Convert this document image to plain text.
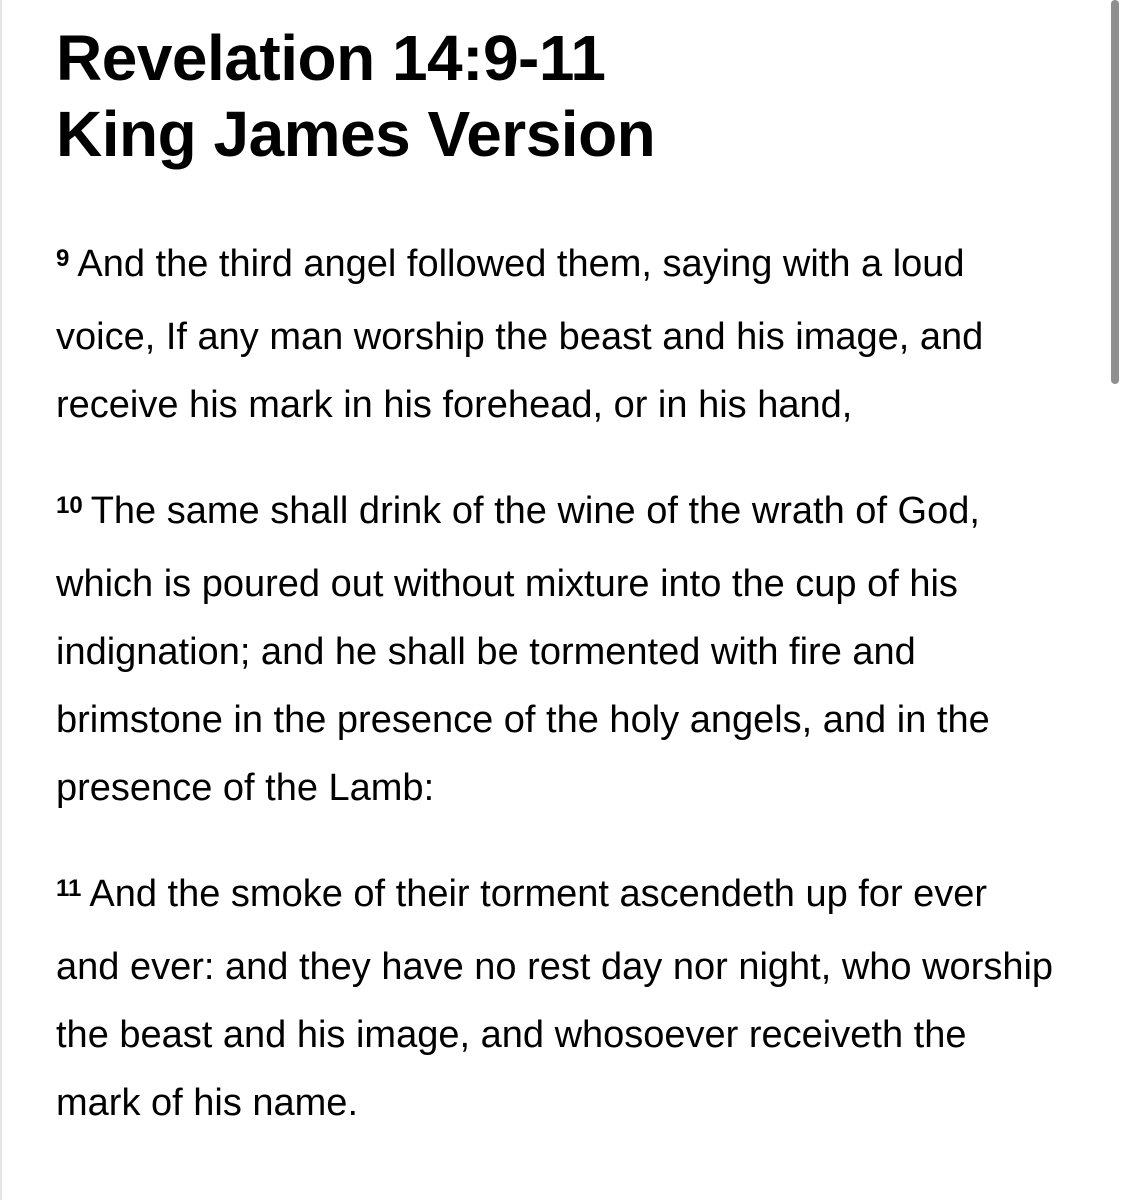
Revelation 14:9-11
King James Version

$^9$ And the third angel followed them, saying with a loud voice, If any man worship the beast and his image, and receive his mark in his forehead, or in his hand,

$^{10}$ The same shall drink of the wine of the wrath of God, which is poured out without mixture into the cup of his indignation; and he shall be tormented with fire and brimstone in the presence of the holy angels, and in the presence of the Lamb:

$^{11}$ And the smoke of their torment ascendeth up for ever and ever: and they have no rest day nor night, who worship the beast and his image, and whosoever receiveth the mark of his name.
